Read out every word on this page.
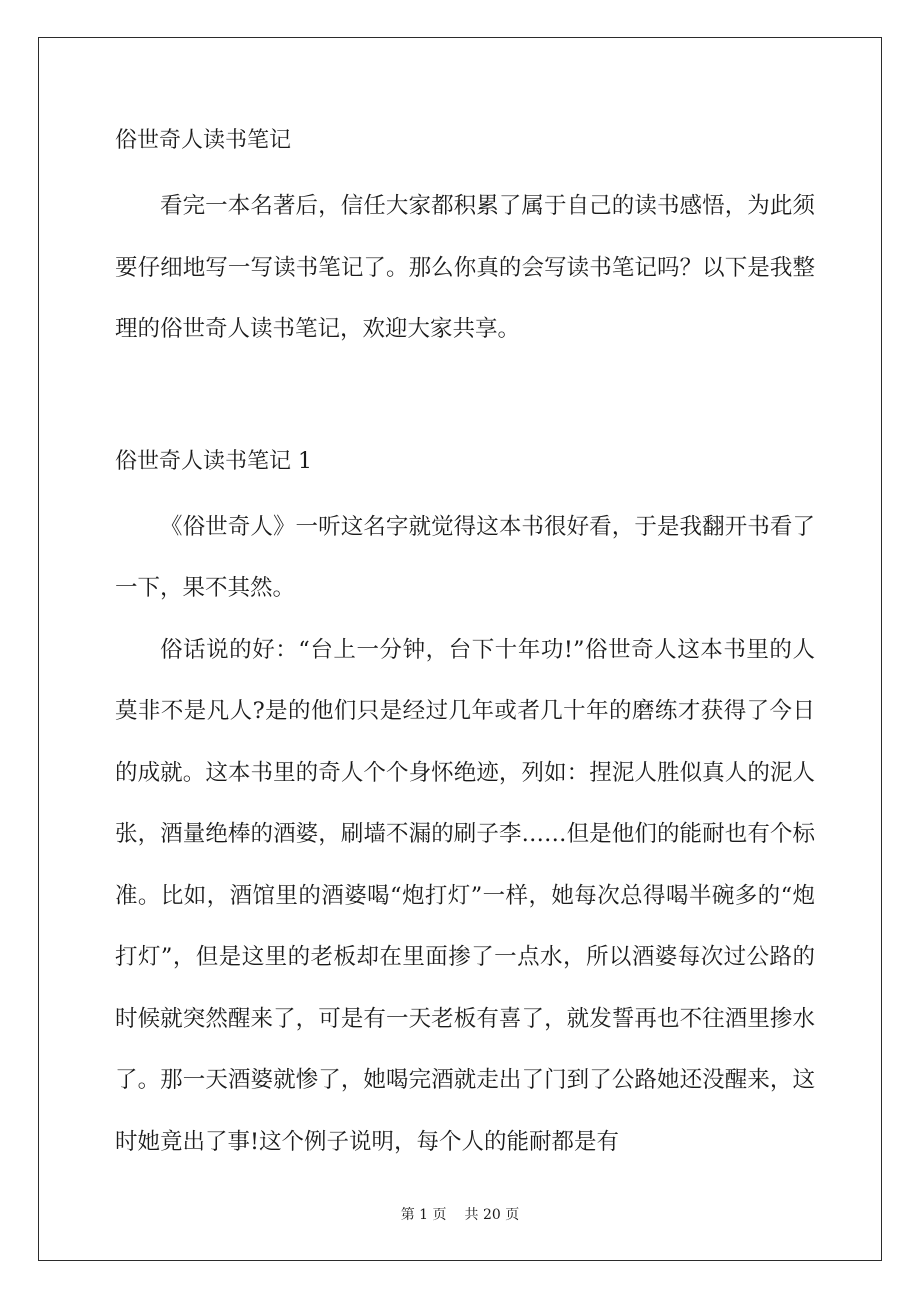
俗世奇人读书笔记

看完一本名著后，信任大家都积累了属于自己的读书感悟，为此须要仔细地写一写读书笔记了。那么你真的会写读书笔记吗？以下是我整理的俗世奇人读书笔记，欢迎大家共享。

俗世奇人读书笔记 1

《俗世奇人》一听这名字就觉得这本书很好看，于是我翻开书看了一下，果不其然。

俗话说的好：“台上一分钟，台下十年功!”俗世奇人这本书里的人莫非不是凡人?是的他们只是经过几年或者几十年的磨练才获得了今日的成就。这本书里的奇人个个身怀绝迹，列如：捏泥人胜似真人的泥人张，酒量绝棒的酒婆，刷墙不漏的刷子李……但是他们的能耐也有个标准。比如，酒馆里的酒婆喝“炮打灯”一样，她每次总得喝半碗多的“炮打灯”，但是这里的老板却在里面掺了一点水，所以酒婆每次过公路的时候就突然醒来了，可是有一天老板有喜了，就发誓再也不往酒里掺水了。那一天酒婆就惨了，她喝完酒就走出了门到了公路她还没醒来，这时她竟出了事!这个例子说明，每个人的能耐都是有

第 1 页 共 20 页
